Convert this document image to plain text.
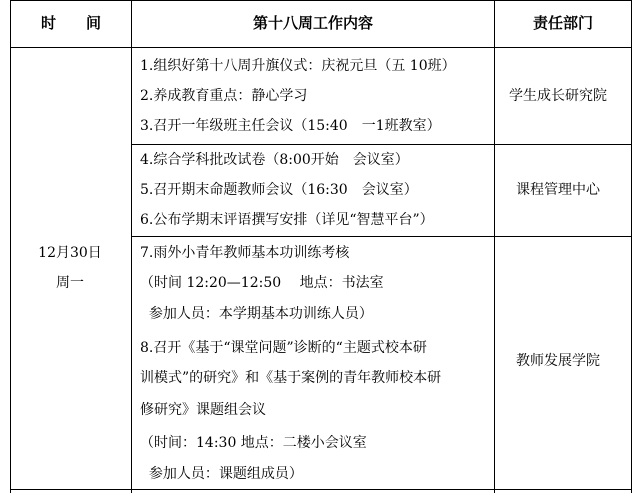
时　　间	第十八周工作内容	责任部门
12月30日
周一
1.组织好第十八周升旗仪式：庆祝元旦（五 10班）
2.养成教育重点：静心学习
3.召开一年级班主任会议（15:40　一1班教室）
学生成长研究院
4.综合学科批改试卷（8:00开始　会议室）
5.召开期末命题教师会议（16:30　会议室）
6.公布学期末评语撰写安排（详见“智慧平台”）
课程管理中心
7.雨外小青年教师基本功训练考核
（时间 12:20—12:50　 地点：书法室
参加人员：本学期基本功训练人员）
8.召开《基于“课堂问题”诊断的“主题式校本研
训模式”的研究》和《基于案例的青年教师校本研
修研究》课题组会议
（时间：14:30 地点：二楼小会议室
参加人员：课题组成员）
教师发展学院
